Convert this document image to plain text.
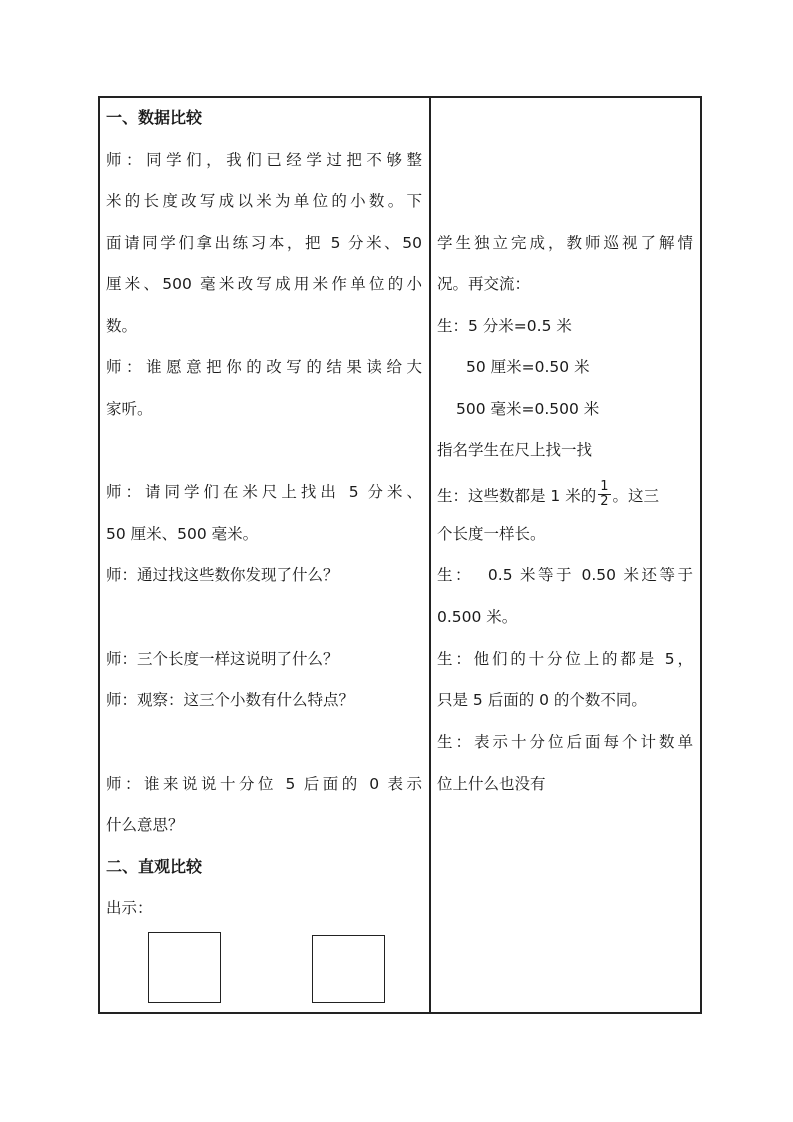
一、数据比较
师：同学们，我们已经学过把不够整
米的长度改写成以米为单位的小数。下
面请同学们拿出练习本，把 5 分米、50
厘米、500 毫米改写成用米作单位的小
数。
师：谁愿意把你的改写的结果读给大
家听。
师：请同学们在米尺上找出 5 分米、
50 厘米、500 毫米。
师：通过找这些数你发现了什么？
师：三个长度一样这说明了什么？
师：观察：这三个小数有什么特点？
师：谁来说说十分位 5 后面的 0 表示
什么意思？
二、直观比较
出示：
学生独立完成，教师巡视了解情
况。再交流：
生：5 分米=0.5 米
50 厘米=0.50 米
500 毫米=0.500 米
指名学生在尺上找一找
生：这些数都是 1 米的 $\frac{1}{2}$ 。这三
个长度一样长。
生：  0.5 米等于 0.50 米还等于
0.500 米。
生：他们的十分位上的都是 5，
只是 5 后面的 0 的个数不同。
生：表示十分位后面每个计数单
位上什么也没有
